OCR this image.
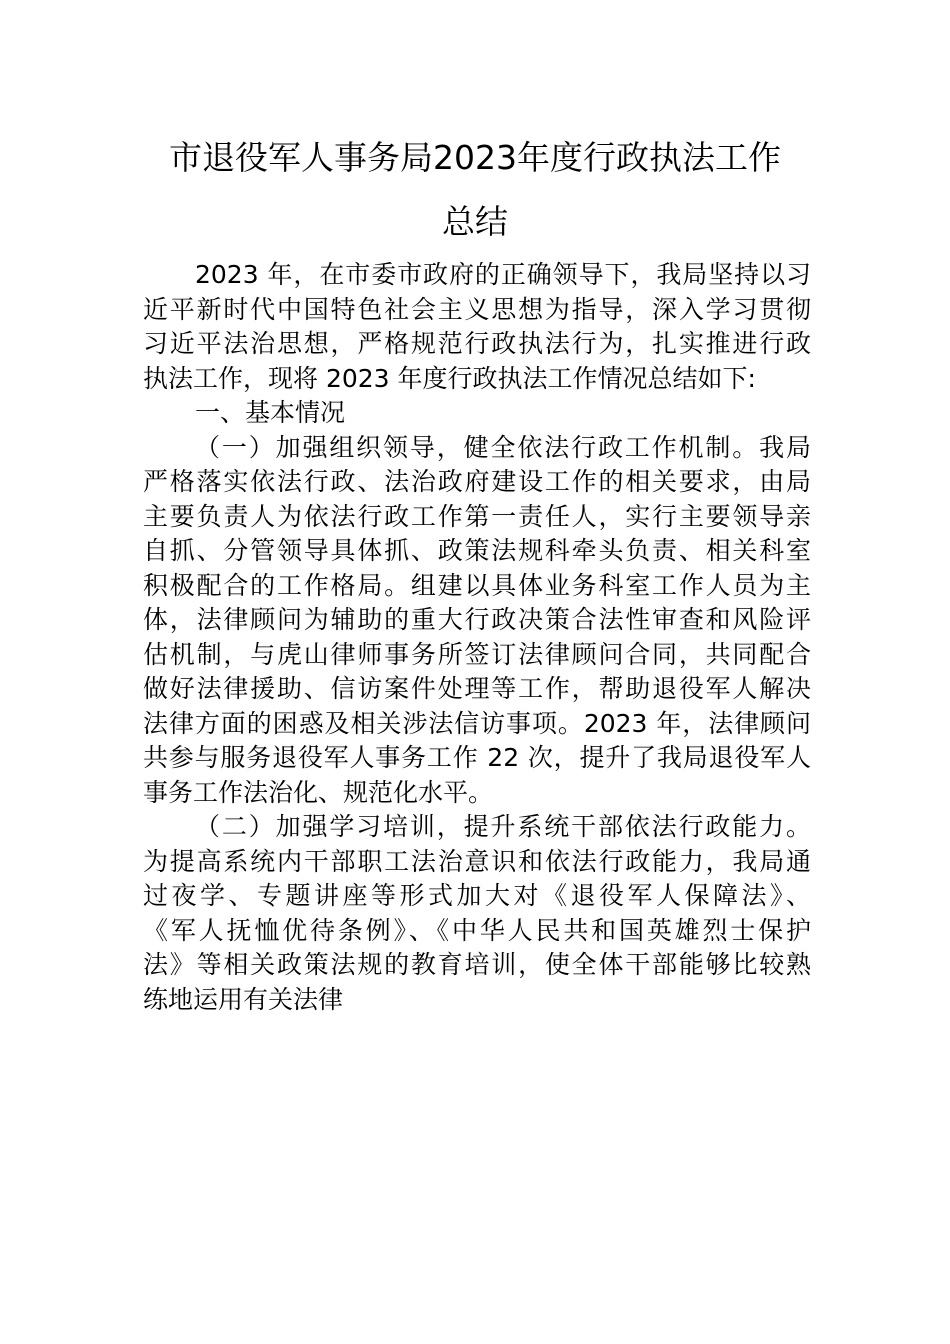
市退役军人事务局2023年度行政执法工作
总结
2023 年，在市委市政府的正确领导下，我局坚持以习
近平新时代中国特色社会主义思想为指导，深入学习贯彻
习近平法治思想，严格规范行政执法行为，扎实推进行政
执法工作，现将 2023 年度行政执法工作情况总结如下:
一、基本情况
（一）加强组织领导，健全依法行政工作机制。我局
严格落实依法行政、法治政府建设工作的相关要求，由局
主要负责人为依法行政工作第一责任人，实行主要领导亲
自抓、分管领导具体抓、政策法规科牵头负责、相关科室
积极配合的工作格局。组建以具体业务科室工作人员为主
体，法律顾问为辅助的重大行政决策合法性审查和风险评
估机制，与虎山律师事务所签订法律顾问合同，共同配合
做好法律援助、信访案件处理等工作，帮助退役军人解决
法律方面的困惑及相关涉法信访事项。2023 年，法律顾问
共参与服务退役军人事务工作 22 次，提升了我局退役军人
事务工作法治化、规范化水平。
（二）加强学习培训，提升系统干部依法行政能力。
为提高系统内干部职工法治意识和依法行政能力，我局通
过夜学、专题讲座等形式加大对《退役军人保障法》、
《军人抚恤优待条例》、《中华人民共和国英雄烈士保护
法》等相关政策法规的教育培训，使全体干部能够比较熟
练地运用有关法律
